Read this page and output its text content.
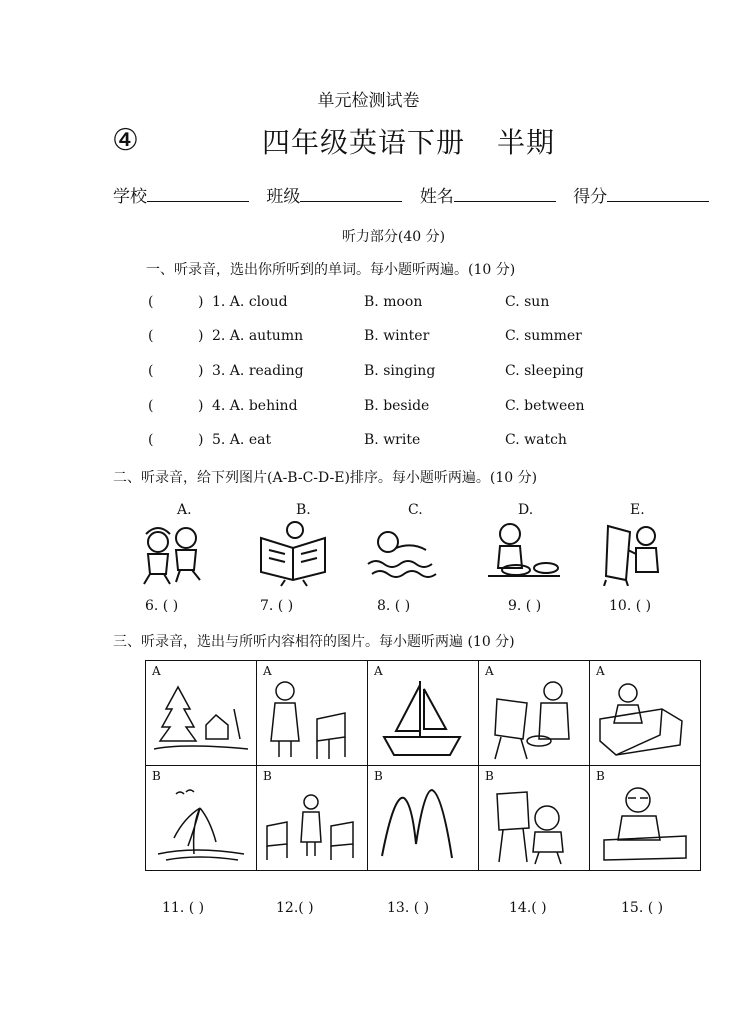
单元检测试卷
④	四年级英语下册 半期
学校	班级	姓名	得分
听力部分(40 分)
一、听录音，选出你所听到的单词。每小题听两遍。(10 分)
(	) 1. A. cloud	B. moon	C. sun
(	) 2. A. autumn	B. winter	C. summer
(	) 3. A. reading	B. singing	C. sleeping
(	) 4. A. behind	B. beside	C. between
(	) 5. A. eat	B. write	C. watch
二、听录音，给下列图片(A-B-C-D-E)排序。每小题听两遍。(10 分)
A.	B.	C.	D.	E.
6. ( )	7. ( )	8. ( )	9. ( )	10. ( )
三、听录音，选出与所听内容相符的图片。每小题听两遍 (10 分)
A	A	A	A	A

B	B	B	B	B
11. ( )	12.( )	13. ( )	14.( )	15. ( )
